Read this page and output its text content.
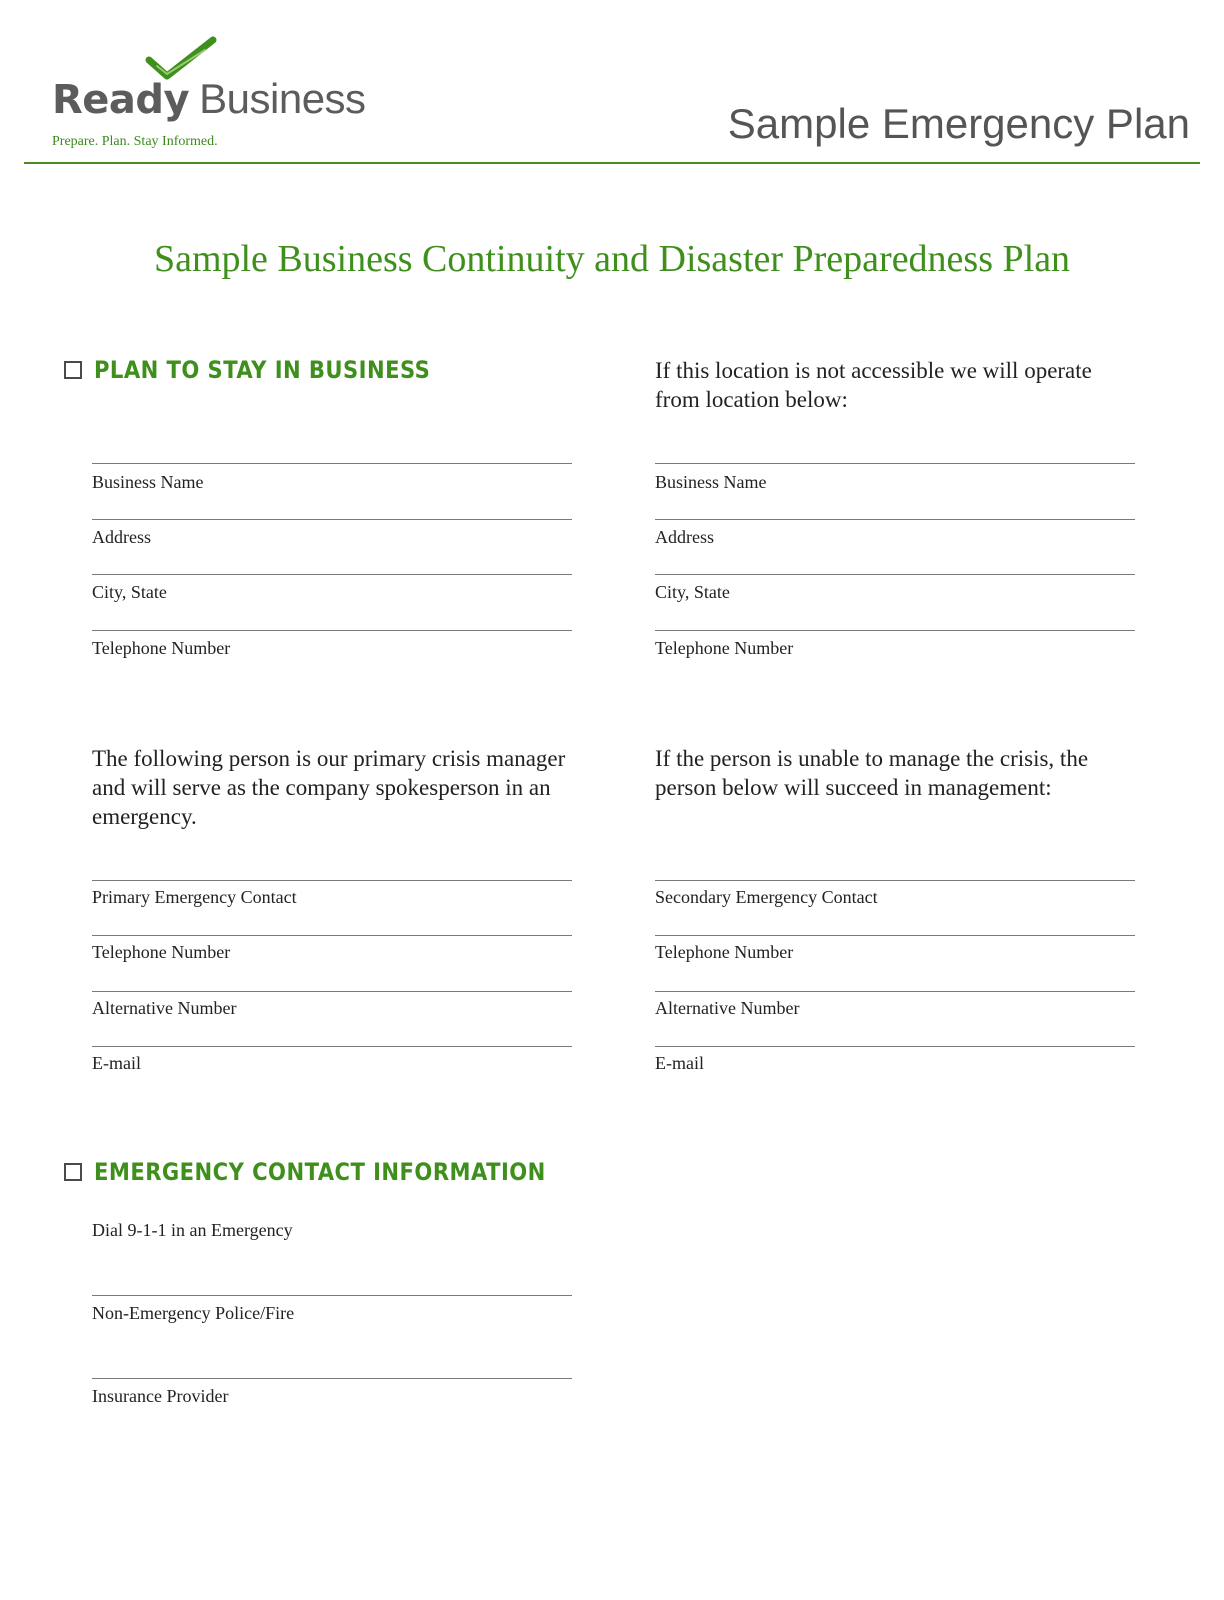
Ready Business
Prepare. Plan. Stay Informed.	Sample Emergency Plan
Sample Business Continuity and Disaster Preparedness Plan
PLAN TO STAY IN BUSINESS	If this location is not accessible we will operate from location below:
Business Name
Address
City, State
Telephone Number
Business Name
Address
City, State
Telephone Number
The following person is our primary crisis manager and will serve as the company spokesperson in an emergency.
If the person is unable to manage the crisis, the person below will succeed in management:
Primary Emergency Contact
Telephone Number
Alternative Number
E-mail
Secondary Emergency Contact
Telephone Number
Alternative Number
E-mail
EMERGENCY CONTACT INFORMATION
Dial 9-1-1 in an Emergency
Non-Emergency Police/Fire
Insurance Provider
